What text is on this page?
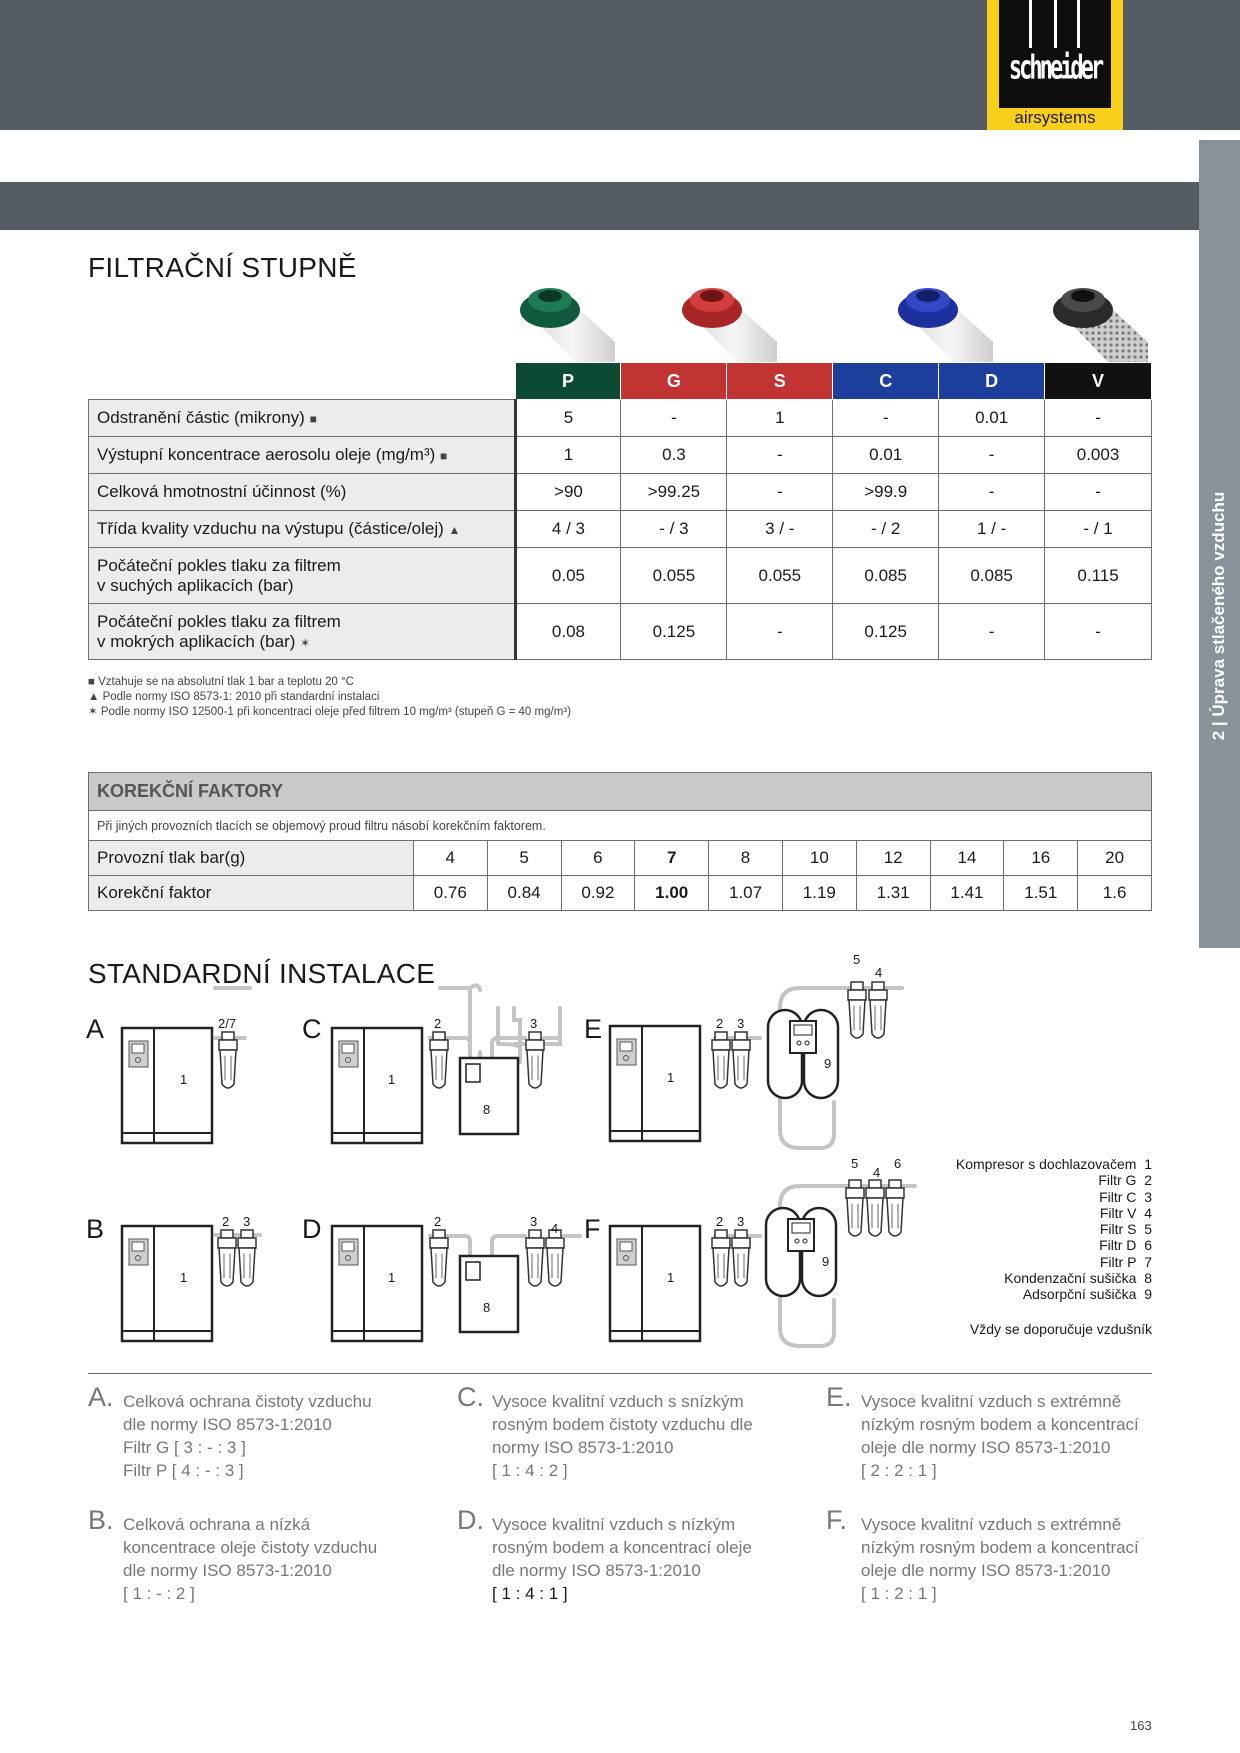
schneider
airsystems
2 | Úprava stlačeného vzduchu
FILTRAČNÍ STUPNĚ
	P	G	S	C	D	V
Odstranění částic (mikrony) ■	5	-	1	-	0.01	-
Výstupní koncentrace aerosolu oleje (mg/m³) ■	1	0.3	-	0.01	-	0.003
Celková hmotnostní účinnost (%)	>90	>99.25	-	>99.9	-	-
Třída kvality vzduchu na výstupu (částice/olej) ▲	4 / 3	- / 3	3 / -	- / 2	1 / -	- / 1
Počáteční pokles tlaku za filtrem
v suchých aplikacích (bar)	0.05	0.055	0.055	0.085	0.085	0.115
Počáteční pokles tlaku za filtrem
v mokrých aplikacích (bar) ✶	0.08	0.125	-	0.125	-	-
■ Vztahuje se na absolutní tlak 1 bar a teplotu 20 °C
▲ Podle normy ISO 8573-1: 2010 při standardní instalaci
✶ Podle normy ISO 12500-1 při koncentraci oleje před filtrem 10 mg/m³ (stupeň G = 40 mg/m³)
KOREKČNÍ FAKTORY										
Při jiných provozních tlacích se objemový proud filtru násobí korekčním faktorem.										
Provozní tlak bar(g)	4	5	6	7	8	10	12	14	16	20
Korekční faktor	0.76	0.84	0.92	1.00	1.07	1.19	1.31	1.41	1.51	1.6
STANDARDNÍ INSTALACE
A
1
2/7 C
1
2
8
3 E
1
2 3
9
5
4
B
1
2 3 D
1
2
8
3 4 F
1
2 3
9
5
4
6	Kompresor s dochlazovačem 1
Filtr G 2
Filtr C 3
Filtr V 4
Filtr S 5
Filtr D 6
Filtr P 7
Kondenzační sušička 8
Adsorpční sušička 9
Vždy se doporučuje vzdušník
A. Celková ochrana čistoty vzduchu
dle normy ISO 8573-1:2010
Filtr G [ 3 : - : 3 ]
Filtr P [ 4 : - : 3 ]
B. Celková ochrana a nízká
koncentrace oleje čistoty vzduchu
dle normy ISO 8573-1:2010
[ 1 : - : 2 ]
C. Vysoce kvalitní vzduch s snízkým
rosným bodem čistoty vzduchu dle
normy ISO 8573-1:2010
[ 1 : 4 : 2 ]
D. Vysoce kvalitní vzduch s nízkým
rosným bodem a koncentrací oleje
dle normy ISO 8573-1:2010
[ 1 : 4 : 1 ]
E. Vysoce kvalitní vzduch s extrémně
nízkým rosným bodem a koncentrací
oleje dle normy ISO 8573-1:2010
[ 2 : 2 : 1 ]
F. Vysoce kvalitní vzduch s extrémně
nízkým rosným bodem a koncentrací
oleje dle normy ISO 8573-1:2010
[ 1 : 2 : 1 ]
163
